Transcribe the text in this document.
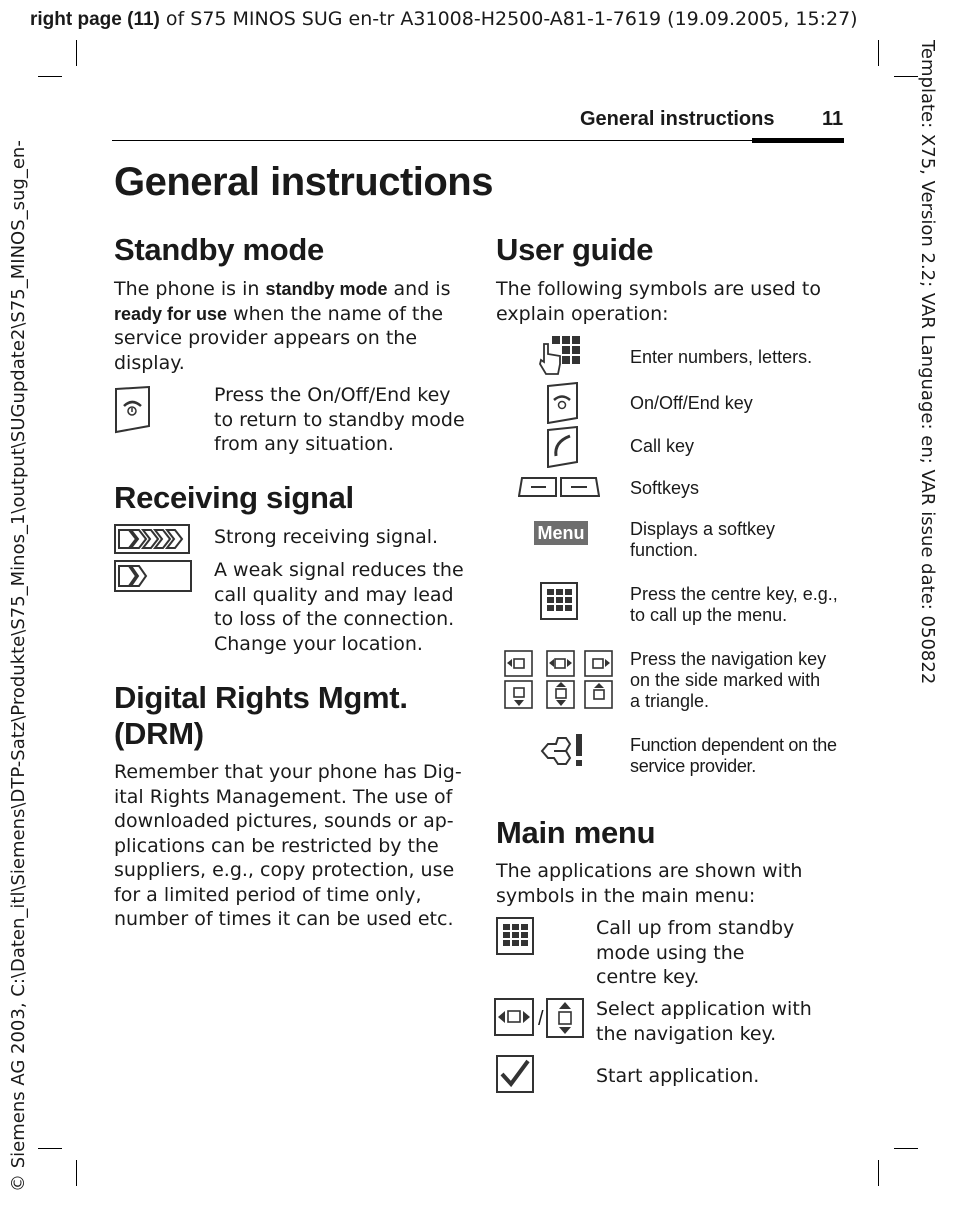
right page (11) of S75 MINOS SUG en-tr A31008-H2500-A81-1-7619 (19.09.2005, 15:27)
Template: X75, Version 2.2; VAR Language: en; VAR issue date: 050822
© Siemens AG 2003, C:\Daten_itl\Siemens\DTP-Satz\Produkte\S75_Minos_1\output\SUGupdate2\S75_MINOS_sug_en-
General instructions 11
General instructions
Standby mode
The phone is in standby mode and is
ready for use when the name of the
service provider appears on the
display.
Press the On/Off/End key
to return to standby mode
from any situation.
Receiving signal
Strong receiving signal.
A weak signal reduces the
call quality and may lead
to loss of the connection.
Change your location.
Digital Rights Mgmt.
(DRM)
Remember that your phone has Dig-
ital Rights Management. The use of
downloaded pictures, sounds or ap-
plications can be restricted by the
suppliers, e.g., copy protection, use
for a limited period of time only,
number of times it can be used etc.
User guide
The following symbols are used to
explain operation:
Enter numbers, letters.
On/Off/End key
Call key
Softkeys
Menu	Displays a softkey
function.
Press the centre key, e.g.,
to call up the menu.
Press the navigation key
on the side marked with
a triangle.
Function dependent on the
service provider.
Main menu
The applications are shown with
symbols in the main menu:
Call up from standby
mode using the
centre key.
/	Select application with
the navigation key.
Start application.
